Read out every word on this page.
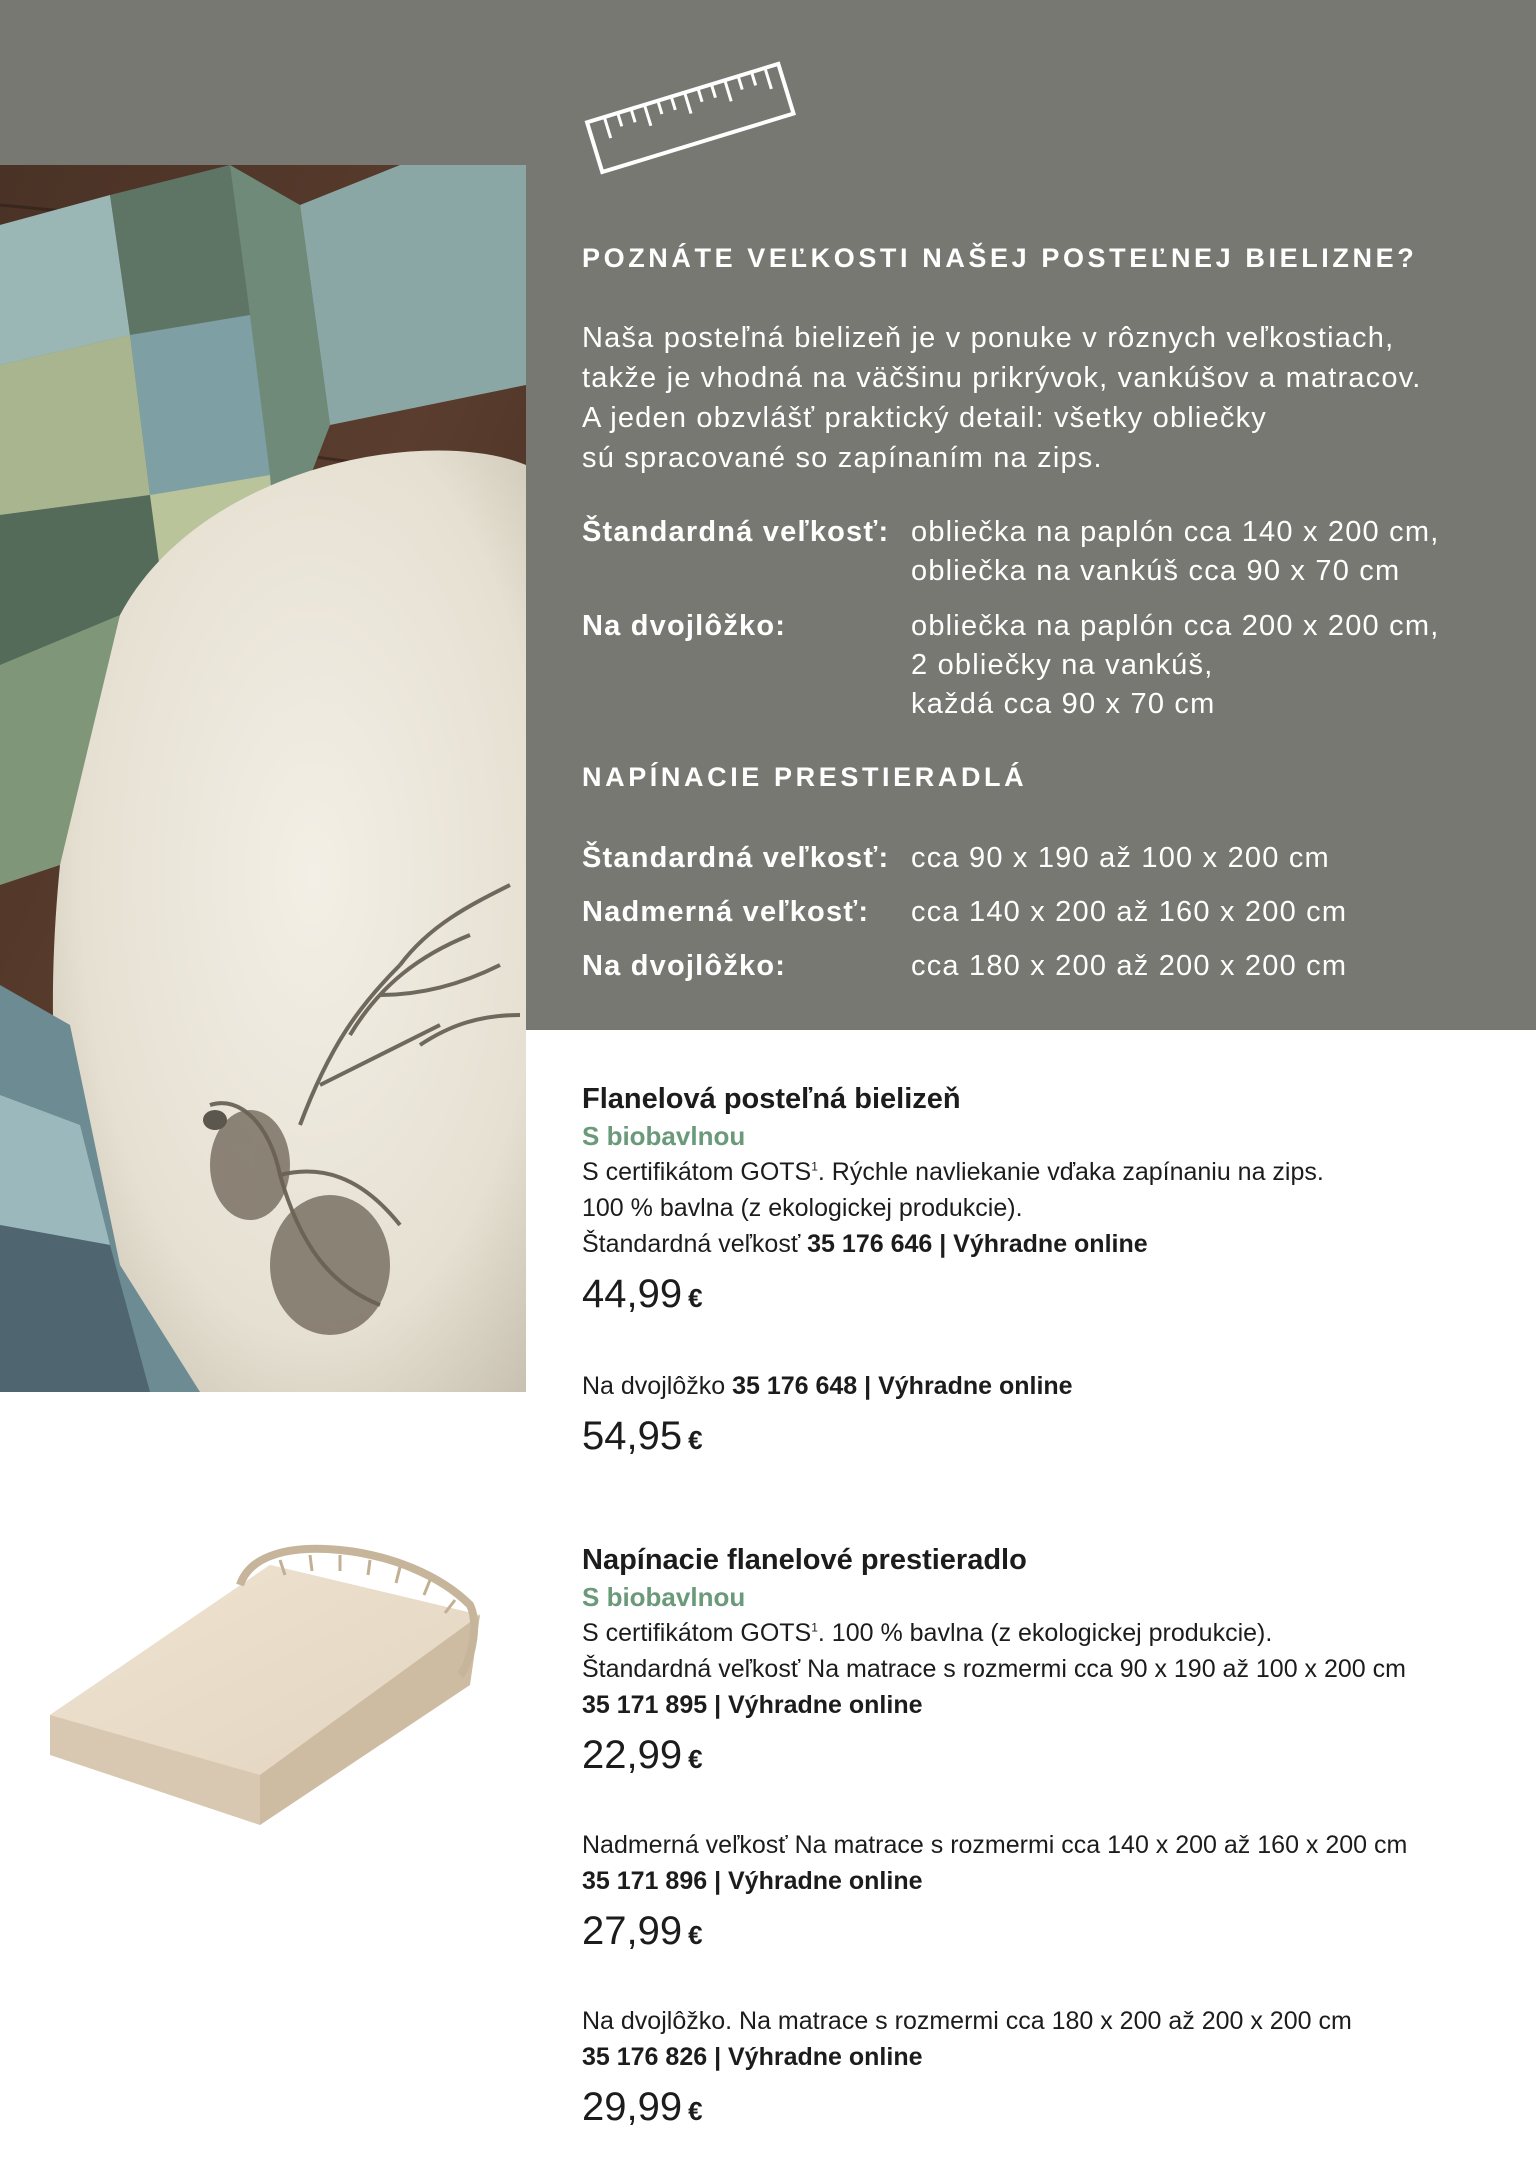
POZNÁTE VEĽKOSTI NAŠEJ POSTEĽNEJ BIELIZNE?
Naša posteľná bielizeň je v ponuke v rôznych veľkostiach,
takže je vhodná na väčšinu prikrývok, vankúšov a matracov.
A jeden obzvlášť praktický detail: všetky obliečky
sú spracované so zapínaním na zips.
Štandardná veľkosť: obliečka na paplón cca 140 x 200 cm,
obliečka na vankúš cca 90 x 70 cm
Na dvojlôžko:	obliečka na paplón cca 200 x 200 cm,
2 obliečky na vankúš,
každá cca 90 x 70 cm
NAPÍNACIE PRESTIERADLÁ
Štandardná veľkosť: cca 90 x 190 až 100 x 200 cm
Nadmerná veľkosť: cca 140 x 200 až 160 x 200 cm
Na dvojlôžko:	cca 180 x 200 až 200 x 200 cm
Flanelová posteľná bielizeň
S biobavlnou
S certifikátom GOTS$^1$. Rýchle navliekanie vďaka zapínaniu na zips.
100 % bavlna (z ekologickej produkcie).
Štandardná veľkosť 35 176 646 | Výhradne online
44,99 €
Na dvojlôžko 35 176 648 | Výhradne online
54,95 €
Napínacie flanelové prestieradlo
S biobavlnou
S certifikátom GOTS$^1$. 100 % bavlna (z ekologickej produkcie).
Štandardná veľkosť Na matrace s rozmermi cca 90 x 190 až 100 x 200 cm
35 171 895 | Výhradne online
22,99 €
Nadmerná veľkosť Na matrace s rozmermi cca 140 x 200 až 160 x 200 cm
35 171 896 | Výhradne online
27,99 €
Na dvojlôžko. Na matrace s rozmermi cca 180 x 200 až 200 x 200 cm
35 176 826 | Výhradne online
29,99 €
